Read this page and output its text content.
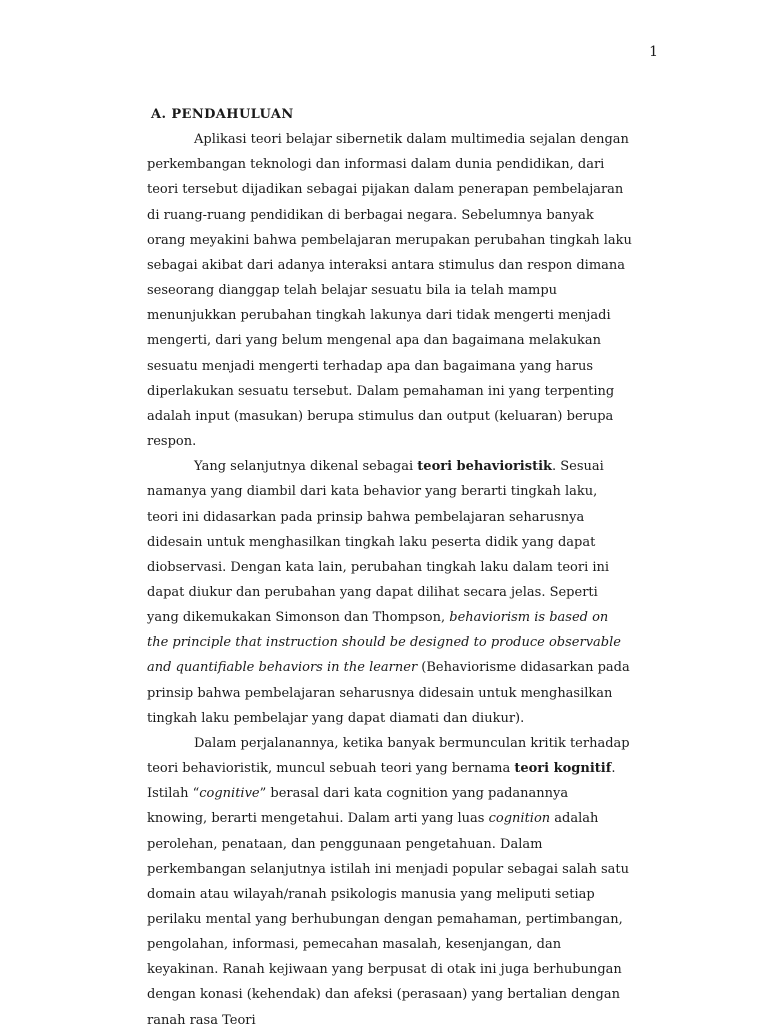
1

A. PENDAHULUAN

Aplikasi teori belajar sibernetik dalam multimedia sejalan dengan perkembangan teknologi dan informasi dalam dunia pendidikan, dari teori tersebut dijadikan sebagai pijakan dalam penerapan pembelajaran di ruang-ruang pendidikan di berbagai negara. Sebelumnya banyak orang meyakini bahwa pembelajaran merupakan perubahan tingkah laku sebagai akibat dari adanya interaksi antara stimulus dan respon dimana seseorang dianggap telah belajar sesuatu bila ia telah mampu menunjukkan perubahan tingkah lakunya dari tidak mengerti menjadi mengerti, dari yang belum mengenal apa dan bagaimana melakukan sesuatu menjadi mengerti terhadap apa dan bagaimana yang harus diperlakukan sesuatu tersebut. Dalam pemahaman ini yang terpenting adalah input (masukan) berupa stimulus dan output (keluaran) berupa respon.

Yang selanjutnya dikenal sebagai teori behavioristik. Sesuai namanya yang diambil dari kata behavior yang berarti tingkah laku, teori ini didasarkan pada prinsip bahwa pembelajaran seharusnya didesain untuk menghasilkan tingkah laku peserta didik yang dapat diobservasi. Dengan kata lain, perubahan tingkah laku dalam teori ini dapat diukur dan perubahan yang dapat dilihat secara jelas. Seperti yang dikemukakan Simonson dan Thompson, behaviorism is based on the principle that instruction should be designed to produce observable and quantifiable behaviors in the learner (Behaviorisme didasarkan pada prinsip bahwa pembelajaran seharusnya didesain untuk menghasilkan tingkah laku pembelajar yang dapat diamati dan diukur).

Dalam perjalanannya, ketika banyak bermunculan kritik terhadap teori behavioristik, muncul sebuah teori yang bernama teori kognitif. Istilah “cognitive” berasal dari kata cognition yang padanannya knowing, berarti mengetahui. Dalam arti yang luas cognition adalah perolehan, penataan, dan penggunaan pengetahuan. Dalam perkembangan selanjutnya istilah ini menjadi popular sebagai salah satu domain atau wilayah/ranah psikologis manusia yang meliputi setiap perilaku mental yang berhubungan dengan pemahaman, pertimbangan, pengolahan, informasi, pemecahan masalah, kesenjangan, dan keyakinan. Ranah kejiwaan yang berpusat di otak ini juga berhubungan dengan konasi (kehendak) dan afeksi (perasaan) yang bertalian dengan ranah rasa Teori
